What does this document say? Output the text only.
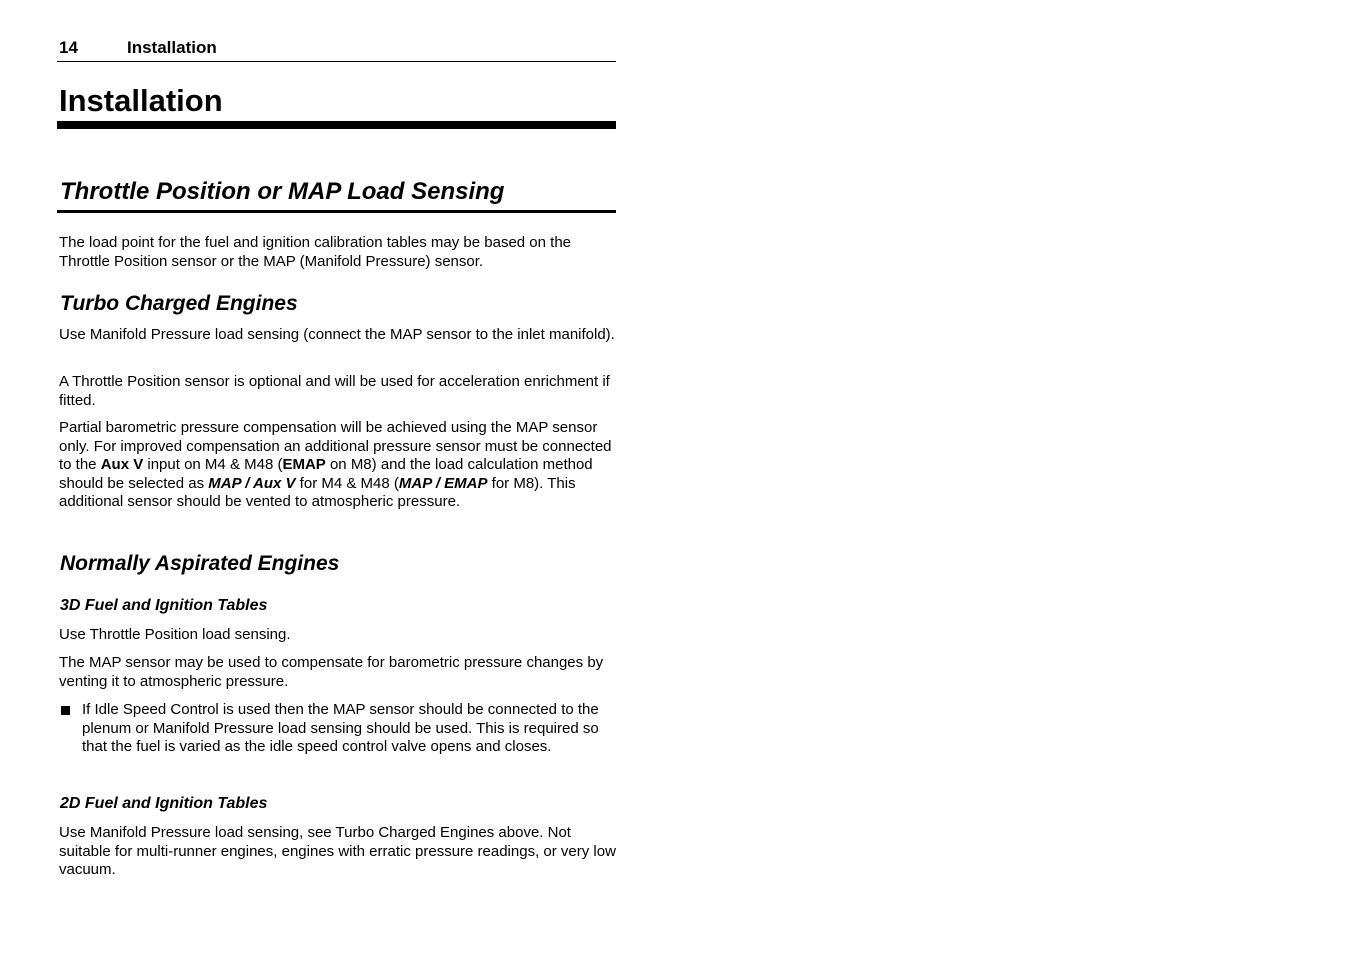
14	Installation
Installation
Throttle Position or MAP Load Sensing

The load point for the fuel and ignition calibration tables may be based on the Throttle Position sensor or the MAP (Manifold Pressure) sensor.

Turbo Charged Engines

Use Manifold Pressure load sensing (connect the MAP sensor to the inlet manifold).

A Throttle Position sensor is optional and will be used for acceleration enrichment if fitted.

Partial barometric pressure compensation will be achieved using the MAP sensor only. For improved compensation an additional pressure sensor must be connected to the Aux V input on M4 & M48 (EMAP on M8) and the load calculation method should be selected as MAP / Aux V for M4 & M48 (MAP / EMAP for M8). This additional sensor should be vented to atmospheric pressure.

Normally Aspirated Engines
3D Fuel and Ignition Tables

Use Throttle Position load sensing.

The MAP sensor may be used to compensate for barometric pressure changes by venting it to atmospheric pressure.

If Idle Speed Control is used then the MAP sensor should be connected to the plenum or Manifold Pressure load sensing should be used. This is required so that the fuel is varied as the idle speed control valve opens and closes.

2D Fuel and Ignition Tables

Use Manifold Pressure load sensing, see Turbo Charged Engines above. Not suitable for multi-runner engines, engines with erratic pressure readings, or very low vacuum.
